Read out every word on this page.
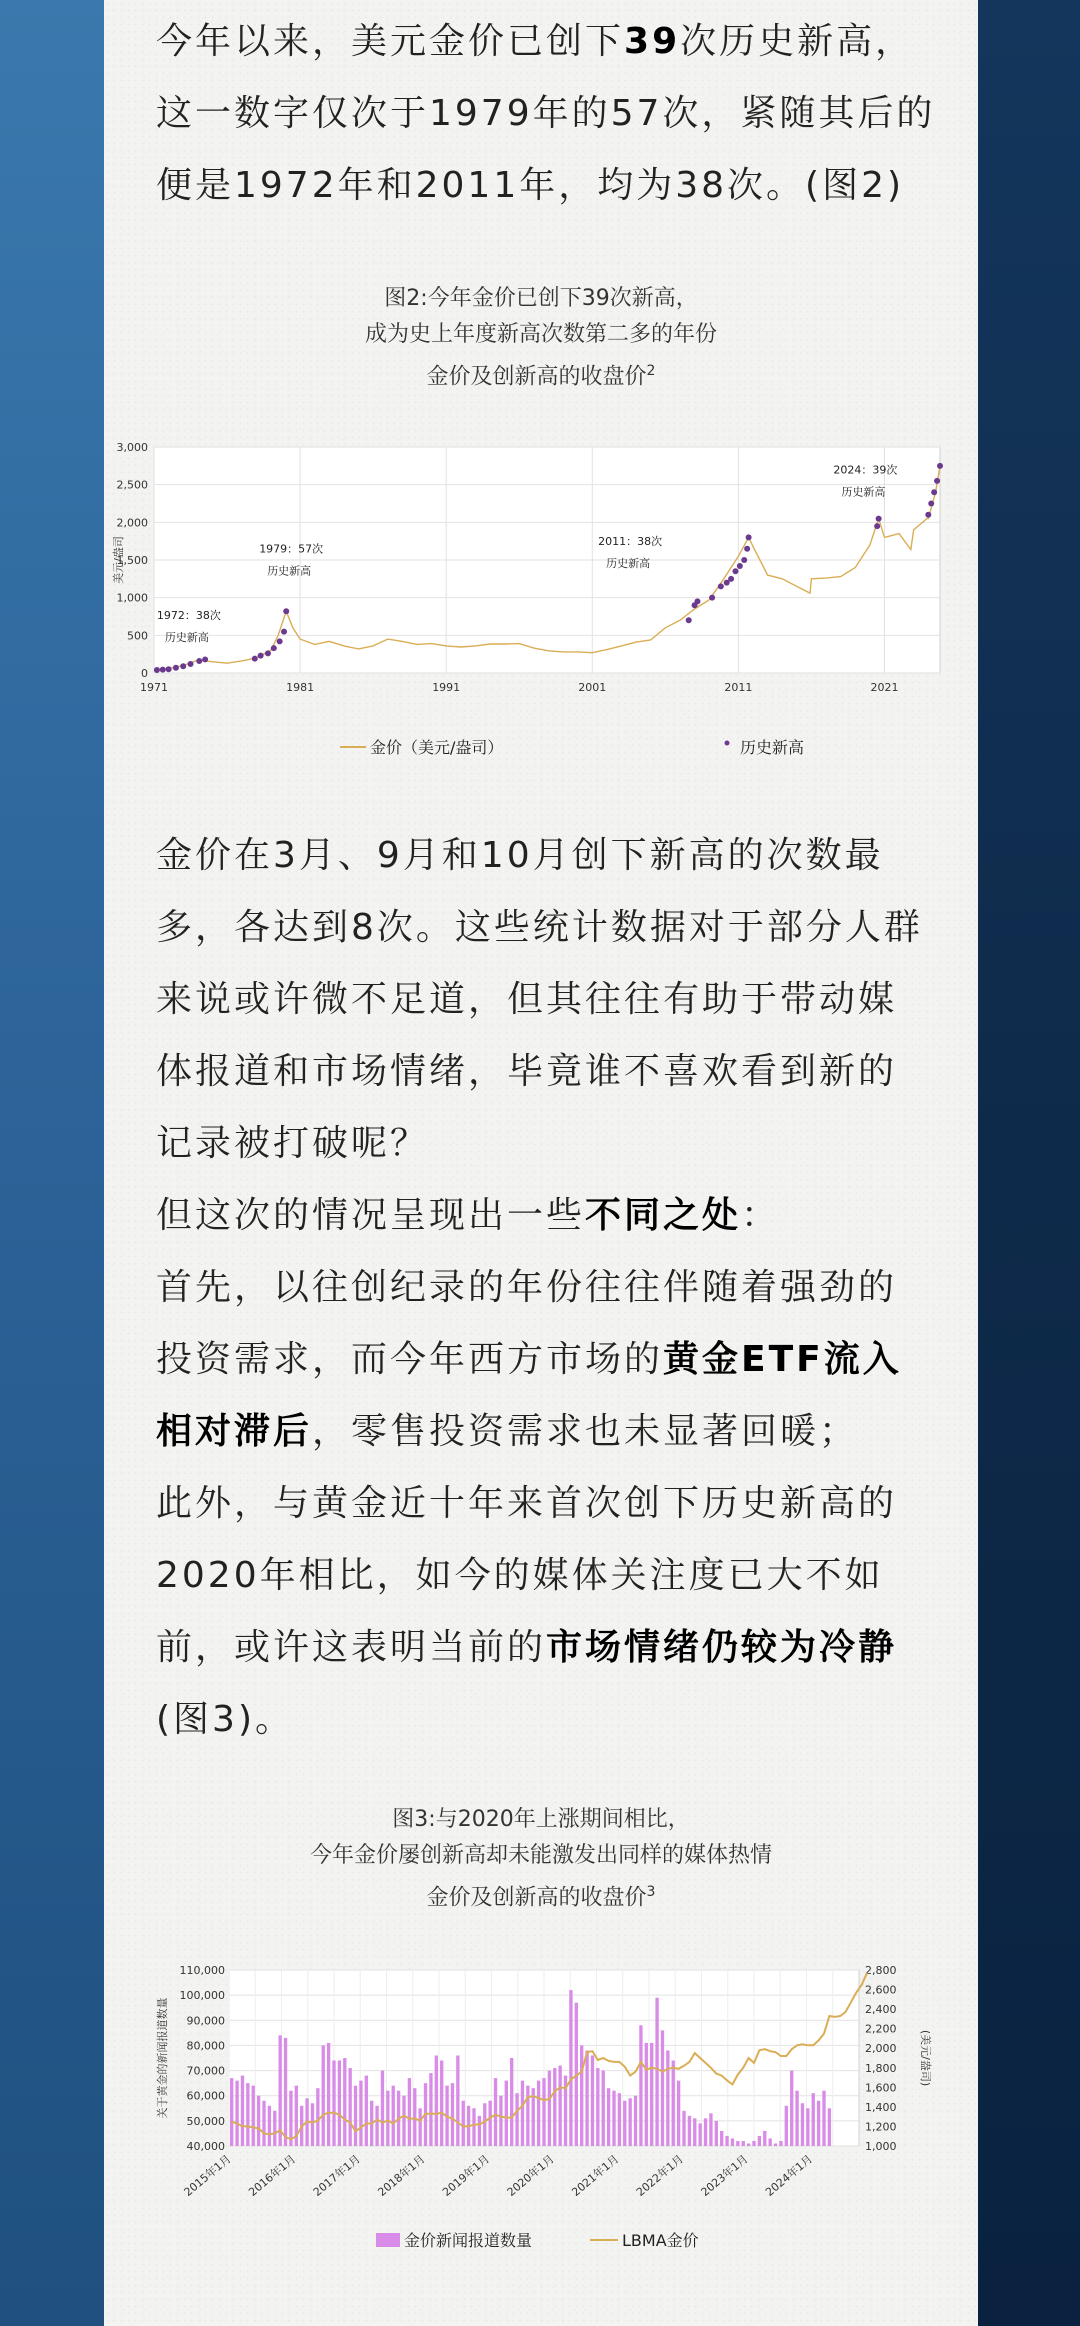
今年以来，美元金价已创下39次历史新高，
这一数字仅次于1979年的57次，紧随其后的
便是1972年和2011年，均为38次。(图2)
图2:今年金价已创下39次新高，
成为史上年度新高次数第二多的年份
金价及创新高的收盘价$^2$
0
500
1,000
1,500
2,000
2,500
3,000
1971	1981	1991	2001	2011	2021
美元/盎司
1972：38次
历史新高
1979：57次
历史新高
2011：38次
历史新高
2024：39次
历史新高
金价（美元/盎司）	历史新高
金价在3月、9月和10月创下新高的次数最
多，各达到8次。这些统计数据对于部分人群
来说或许微不足道，但其往往有助于带动媒
体报道和市场情绪，毕竟谁不喜欢看到新的
记录被打破呢？
但这次的情况呈现出一些不同之处：
首先，以往创纪录的年份往往伴随着强劲的
投资需求，而今年西方市场的黄金ETF流入
相对滞后，零售投资需求也未显著回暖；
此外，与黄金近十年来首次创下历史新高的
2020年相比，如今的媒体关注度已大不如
前，或许这表明当前的市场情绪仍较为冷静
(图3)。
图3:与2020年上涨期间相比，
今年金价屡创新高却未能激发出同样的媒体热情
金价及创新高的收盘价$^3$
40,000
50,000
60,000
70,000
80,000
90,000
100,000
110,000
1,000
1,200
1,400
1,600
1,800
2,000
2,200
2,400
2,600
2,800
2015年1月 2016年1月 2017年1月 2018年1月 2019年1月 2020年1月 2021年1月 2022年1月 2023年1月 2024年1月
关于黄金的新闻报道数量	(美元/盎司)
金价新闻报道数量	LBMA金价
